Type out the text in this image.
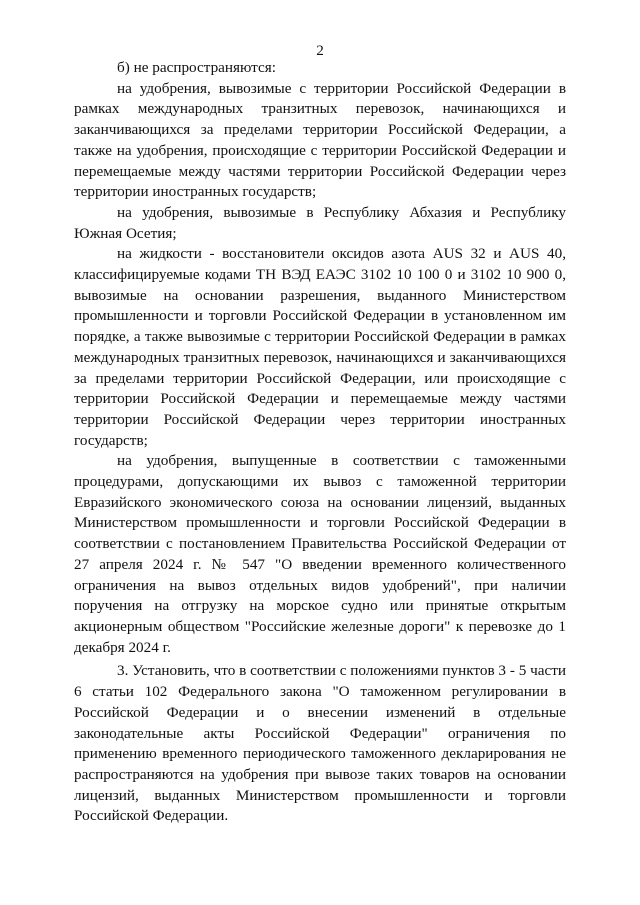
2

б) не распространяются:

на удобрения, вывозимые с территории Российской Федерации в рамках международных транзитных перевозок, начинающихся и заканчивающихся за пределами территории Российской Федерации, а также на удобрения, происходящие с территории Российской Федерации и перемещаемые между частями территории Российской Федерации через территории иностранных государств;

на удобрения, вывозимые в Республику Абхазия и Республику Южная Осетия;

на жидкости - восстановители оксидов азота AUS 32 и AUS 40, классифицируемые кодами ТН ВЭД ЕАЭС 3102 10 100 0 и 3102 10 900 0, вывозимые на основании разрешения, выданного Министерством промышленности и торговли Российской Федерации в установленном им порядке, а также вывозимые с территории Российской Федерации в рамках международных транзитных перевозок, начинающихся и заканчивающихся за пределами территории Российской Федерации, или происходящие с территории Российской Федерации и перемещаемые между частями территории Российской Федерации через территории иностранных государств;

на удобрения, выпущенные в соответствии с таможенными процедурами, допускающими их вывоз с таможенной территории Евразийского экономического союза на основании лицензий, выданных Министерством промышленности и торговли Российской Федерации в соответствии с постановлением Правительства Российской Федерации от 27 апреля 2024 г. № 547 "О введении временного количественного ограничения на вывоз отдельных видов удобрений", при наличии поручения на отгрузку на морское судно или принятые открытым акционерным обществом "Российские железные дороги" к перевозке до 1 декабря 2024 г.

3. Установить, что в соответствии с положениями пунктов 3 - 5 части 6 статьи 102 Федерального закона "О таможенном регулировании в Российской Федерации и о внесении изменений в отдельные законодательные акты Российской Федерации" ограничения по применению временного периодического таможенного декларирования не распространяются на удобрения при вывозе таких товаров на основании лицензий, выданных Министерством промышленности и торговли Российской Федерации.
